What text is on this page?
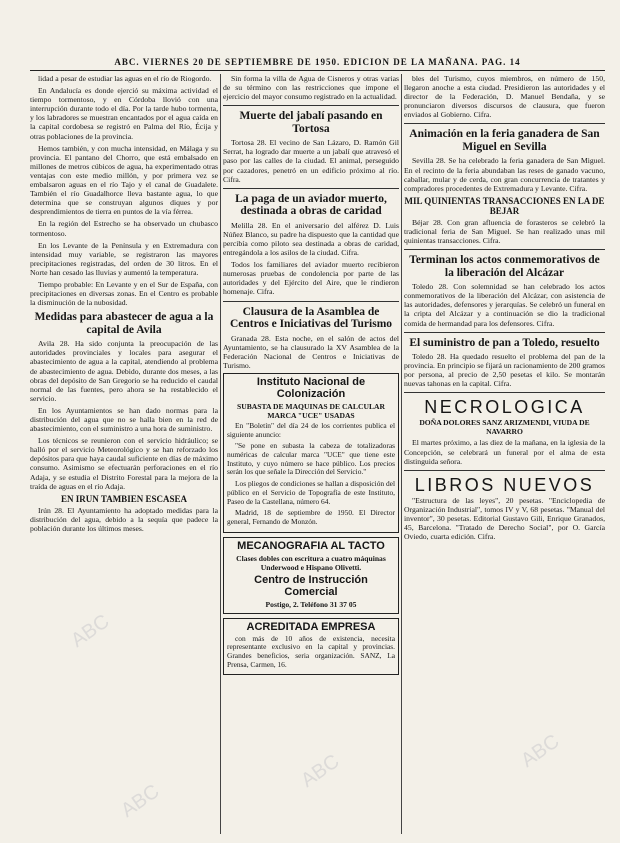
ABC. VIERNES 20 DE SEPTIEMBRE DE 1950. EDICION DE LA MAÑANA. PAG. 14

lidad a pesar de estudiar las aguas en el río de Riogordo.

En Andalucía es donde ejerció su máxima actividad el tiempo tormentoso, y en Córdoba llovió con una interrupción durante todo el día. Por la tarde hubo tormenta, y los labradores se muestran encantados por el agua caída en la capital cordobesa se registró en Palma del Río, Écija y otras poblaciones de la provincia.

Hemos también, y con mucha intensidad, en Málaga y su provincia. El pantano del Chorro, que está embalsado en millones de metros cúbicos de agua, ha experimentado otras ventajas con este medio millón, y por primera vez se embalsaron aguas en el río Tajo y el canal de Guadalete. También el río Guadalhorce lleva bastante agua, lo que determina que se construyan algunos diques y por desprendimientos de tierra en puntos de la vía férrea.

En la región del Estrecho se ha observado un chubasco tormentoso.

En los Levante de la Península y en Extremadura con intensidad muy variable, se registraron las mayores precipitaciones registradas, del orden de 30 litros. En el Norte han cesado las lluvias y aumentó la temperatura.

Tiempo probable: En Levante y en el Sur de España, con precipitaciones en diversas zonas. En el Centro es probable la disminución de la nubosidad.

Medidas para abastecer de agua a la capital de Avila

Avila 28. Ha sido conjunta la preocupación de las autoridades provinciales y locales para asegurar el abastecimiento de agua a la capital, atendiendo al problema de abastecimiento de agua. Debido, durante dos meses, a las obras del depósito de San Gregorio se ha reducido el caudal normal de las fuentes, pero ahora se ha restablecido el servicio.

En los Ayuntamientos se han dado normas para la distribución del agua que no se halla bien en la red de abastecimiento, con el suministro a una hora de suministro.

Los técnicos se reunieron con el servicio hidráulico; se halló por el servicio Meteorológico y se han reforzado los depósitos para que haya caudal suficiente en días de máximo consumo. Asimismo se efectuarán perforaciones en el río Adaja, y se estudia el Distrito Forestal para la mejora de la traída de aguas en el río Adaja.

EN IRUN TAMBIEN ESCASEA

Irún 28. El Ayuntamiento ha adoptado medidas para la distribución del agua, debido a la sequía que padece la población durante los últimos meses.

Sin forma la villa de Agua de Cisneros y otras varias de su término con las restricciones que impone el ejercicio del mayor consumo registrado en la actualidad.

Muerte del jabalí pasando en Tortosa

Tortosa 28. El vecino de San Lázaro, D. Ramón Gil Serrat, ha logrado dar muerte a un jabalí que atravesó el paso por las calles de la ciudad. El animal, perseguido por cazadores, penetró en un edificio próximo al río. Cifra.

La paga de un aviador muerto, destinada a obras de caridad

Melilla 28. En el aniversario del alférez D. Luis Núñez Blanco, su padre ha dispuesto que la cantidad que percibía como piloto sea destinada a obras de caridad, entregándola a los asilos de la ciudad. Cifra.

Todos los familiares del aviador muerto recibieron numerosas pruebas de condolencia por parte de las autoridades y del Ejército del Aire, que le rindieron homenaje. Cifra.

Clausura de la Asamblea de Centros e Iniciativas del Turismo

Granada 28. Esta noche, en el salón de actos del Ayuntamiento, se ha clausurado la XV Asamblea de la Federación Nacional de Centros e Iniciativas de Turismo.

Instituto Nacional de Colonización
SUBASTA DE MAQUINAS DE CALCULAR MARCA "UCE" USADAS

En "Boletín" del día 24 de los corrientes publica el siguiente anuncio:

"Se pone en subasta la cabeza de totalizadoras numéricas de calcular marca "UCE" que tiene este Instituto, y cuyo número se hace público. Los precios serán los que señale la Dirección del Servicio."

Los pliegos de condiciones se hallan a disposición del público en el Servicio de Topografía de este Instituto, Paseo de la Castellana, número 64.

Madrid, 18 de septiembre de 1950. El Director general, Fernando de Monzón.

MECANOGRAFIA AL TACTO
Clases dobles con escritura a cuatro máquinas Underwood e Hispano Olivetti.
Centro de Instrucción Comercial
Postigo, 2. Teléfono 31 37 05
ACREDITADA EMPRESA

con más de 10 años de existencia, necesita representante exclusivo en la capital y provincias. Grandes beneficios, seria organización. SANZ, La Prensa, Carmen, 16.

bles del Turismo, cuyos miembros, en número de 150, llegaron anoche a esta ciudad. Presidieron las autoridades y el director de la Federación, D. Manuel Bendaña, y se pronunciaron diversos discursos de clausura, que fueron enviados al Gobierno. Cifra.

Animación en la feria ganadera de San Miguel en Sevilla

Sevilla 28. Se ha celebrado la feria ganadera de San Miguel. En el recinto de la feria abundaban las reses de ganado vacuno, caballar, mular y de cerda, con gran concurrencia de tratantes y compradores procedentes de Extremadura y Levante. Cifra.

MIL QUINIENTAS TRANSACCIONES EN LA DE BEJAR

Béjar 28. Con gran afluencia de forasteros se celebró la tradicional feria de San Miguel. Se han realizado unas mil quinientas transacciones. Cifra.

Terminan los actos conmemorativos de la liberación del Alcázar

Toledo 28. Con solemnidad se han celebrado los actos conmemorativos de la liberación del Alcázar, con asistencia de las autoridades, defensores y jerarquías. Se celebró un funeral en la cripta del Alcázar y a continuación se dio la tradicional comida de hermandad para los defensores. Cifra.

El suministro de pan a Toledo, resuelto

Toledo 28. Ha quedado resuelto el problema del pan de la provincia. En principio se fijará un racionamiento de 200 gramos por persona, al precio de 2,50 pesetas el kilo. Se montarán nuevas tahonas en la capital. Cifra.

NECROLOGICA
DOÑA DOLORES SANZ ARIZMENDI, VIUDA DE NAVARRO

El martes próximo, a las diez de la mañana, en la iglesia de la Concepción, se celebrará un funeral por el alma de esta distinguida señora.

LIBROS NUEVOS

"Estructura de las leyes", 20 pesetas. "Enciclopedia de Organización Industrial", tomos IV y V, 68 pesetas. "Manual del inventor", 30 pesetas. Editorial Gustavo Gili, Enrique Granados, 45, Barcelona. "Tratado de Derecho Social", por O. García Oviedo, cuarta edición. Cifra.

ABC
ABC	ABC
ABC
